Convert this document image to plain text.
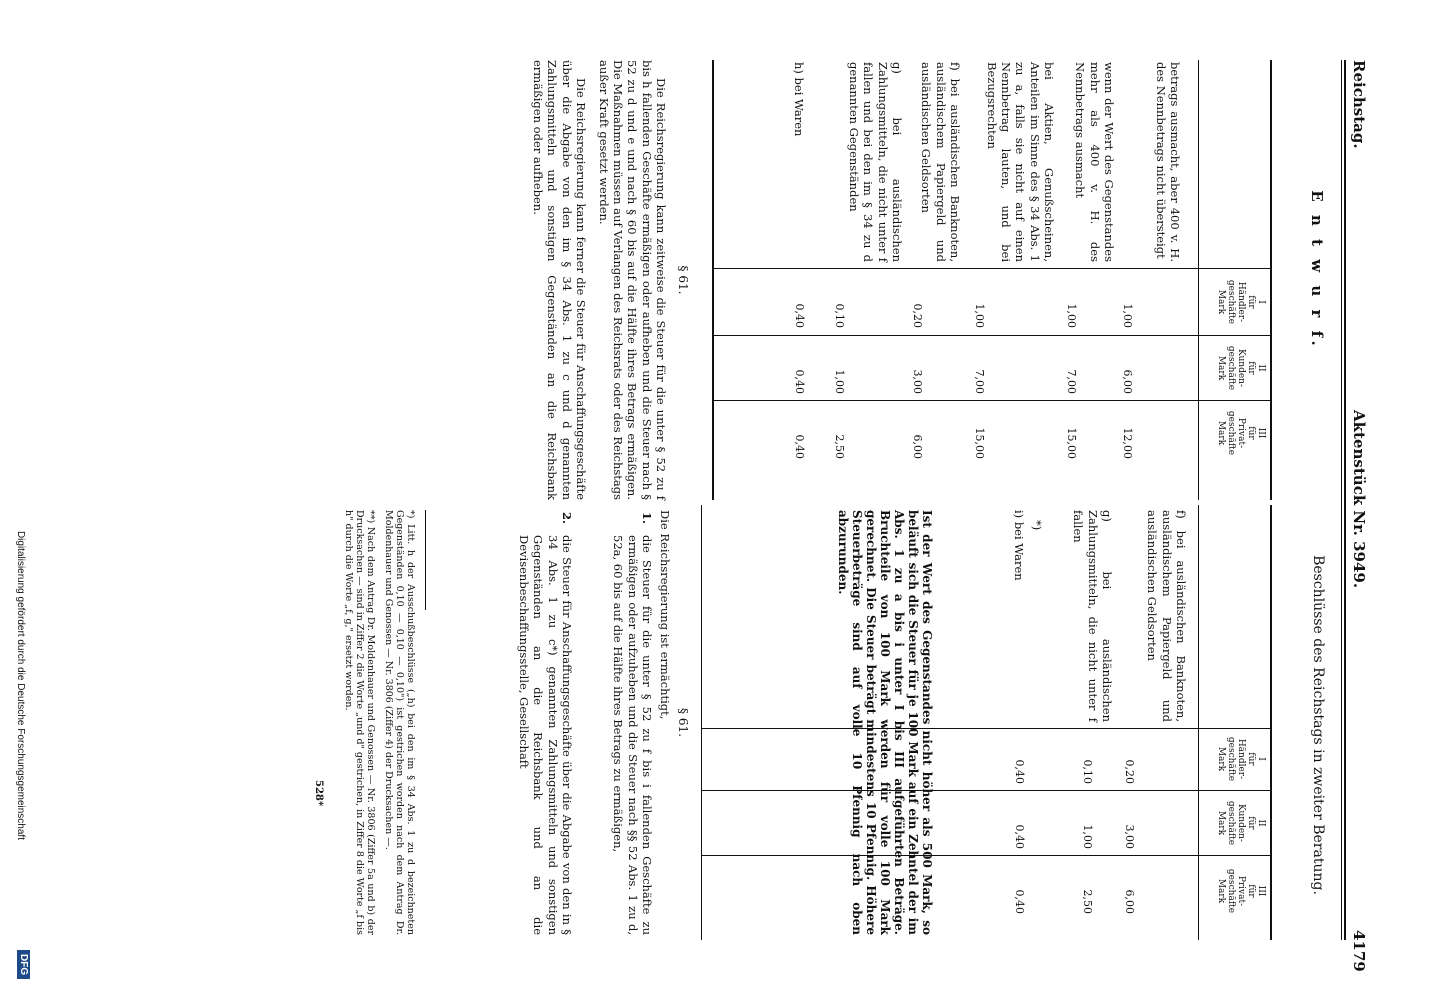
Reichstag.
Aktenstück Nr. 3949.
4179
E n t w u r f.
I
für
Händler-
geschäfte
Mark
II
für
Kunden-
geschäfte
Mark
III
für
Privat-
geschäfte
Mark
betrags ausmacht, aber 400 v. H. des Nennbetrags nicht übersteigt
1,00
6,00
12,00
wenn der Wert des Gegenstandes mehr als 400 v. H. des Nennbetrags ausmacht
1,00
7,00
15,00
bei Aktien, Genußscheinen, Anteilen im Sinne des § 34 Abs. 1 zu a, falls sie nicht auf einen Nennbetrag lauten, und bei Bezugsrechten
1,00
7,00
15,00
f) bei ausländischen Banknoten, ausländischem Papiergeld und ausländischen Geldsorten
0,20
3,00
6,00
g) bei ausländischen Zahlungsmitteln, die nicht unter f fallen und bei den im § 34 zu d genannten Gegenständen
0,10
1,00
2,50
h) bei Waren
0,40
0,40
0,40
§ 61.
Die Reichsregierung kann zeitweise die Steuer für die unter § 52 zu f bis h fallenden Geschäfte ermäßigen oder aufheben und die Steuer nach § 52 zu d und e und nach § 60 bis auf die Hälfte ihres Betrags ermäßigen. Die Maßnahmen müssen auf Verlangen des Reichsrats oder des Reichstags außer Kraft gesetzt werden.
Die Reichsregierung kann ferner die Steuer für Anschaffungsgeschäfte über die Abgabe von den im § 34 Abs. 1 zu c und d genannten Zahlungsmitteln und sonstigen Gegenständen an die Reichsbank ermäßigen oder aufheben.
Beschlüsse des Reichstags in zweiter Beratung.
I
für
Händler-
geschäfte
Mark
II
für
Kunden-
geschäfte
Mark
III
für
Privat-
geschäfte
Mark
f) bei ausländischen Banknoten, ausländischem Papiergeld und ausländischen Geldsorten
0,20
3,00
6,00
g) bei ausländischen Zahlungsmitteln, die nicht unter f fallen
0,10
1,00
2,50
*)
i) bei Waren
0,40
0,40
0,40
Ist der Wert des Gegenstandes nicht höher als 500 Mark, so beläuft sich die Steuer für je 100 Mark auf ein Zehntel der im Abs. 1 zu a bis i unter I bis III aufgeführten Beträge. Bruchteile von 100 Mark werden für volle 100 Mark gerechnet. Die Steuer beträgt mindestens 10 Pfennig. Höhere Steuerbeträge sind auf volle 10 Pfennig nach oben abzurunden.
§ 61.
Die Reichsregierung ist ermächtigt,
1.
die Steuer für die unter § 52 zu f bis i fallenden Geschäfte zu ermäßigen oder aufzuheben und die Steuer nach §§ 52 Abs. 1 zu d, 52a, 60 bis auf die Hälfte ihres Betrags zu ermäßigen,
2.
die Steuer für Anschaffungsgeschäfte über die Abgabe von den in § 34 Abs. 1 zu c*) genannten Zahlungsmitteln und sonstigen Gegenständen an die Reichsbank und an die Devisenbeschaffungsstelle, Gesellschaft
*) Litt. h der Ausschußbeschlüsse („h) bei den im § 34 Abs. 1 zu d bezeichneten Gegenständen 0,10 — 0,10 — 0,10") ist gestrichen worden nach dem Antrag Dr. Moldenhauer und Genossen — Nr. 3806 (Ziffer 4) der Drucksachen —.
**) Nach dem Antrag Dr. Moldenhauer und Genossen — Nr. 3806 (Ziffer 5a und b) der Drucksachen — sind in Ziffer 2 die Worte „und d" gestrichen, in Ziffer 8 die Worte „f bis h" durch die Worte „f, g," ersetzt worden.
528*
Digitalisierung gefördert durch die Deutsche Forschungsgemeinschaft
DFG
